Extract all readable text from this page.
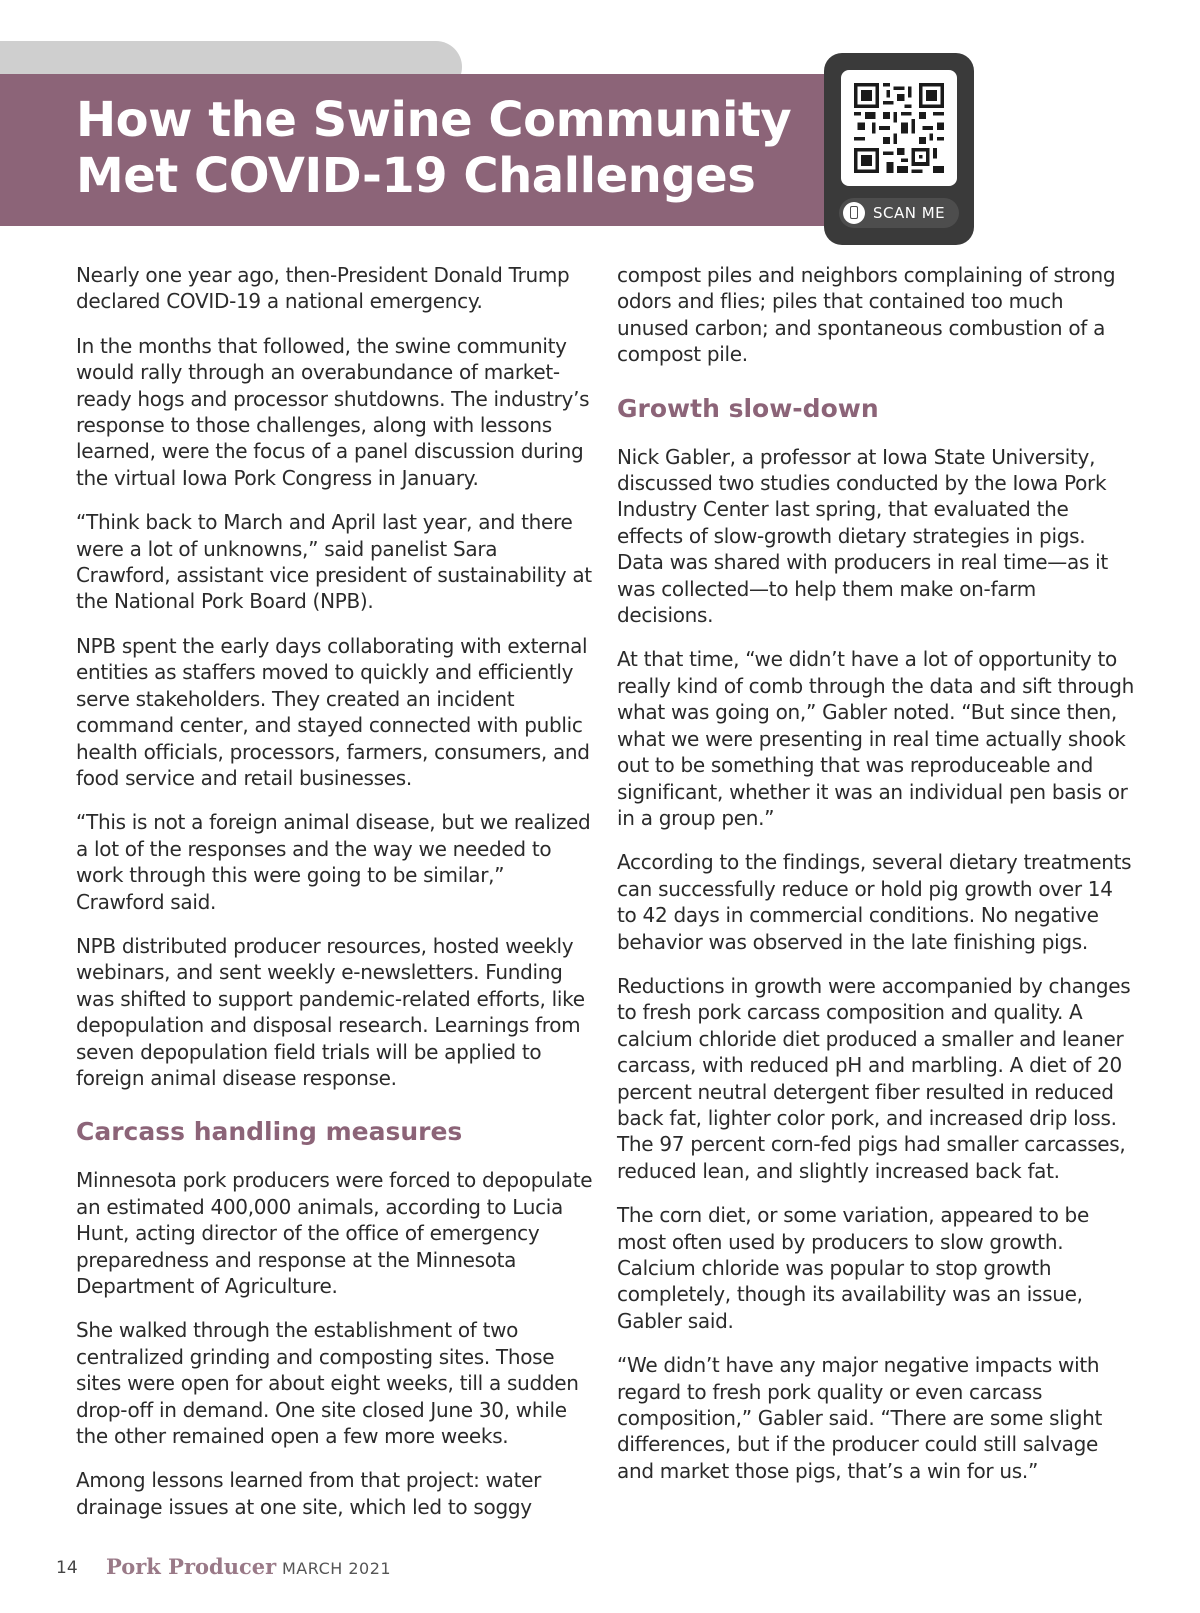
How the Swine Community Met COVID-19 Challenges
SCAN ME

Nearly one year ago, then-President Donald Trump declared COVID-19 a national emergency.

In the months that followed, the swine community would rally through an overabundance of market-ready hogs and processor shutdowns. The industry’s response to those challenges, along with lessons learned, were the focus of a panel discussion during the virtual Iowa Pork Congress in January.

“Think back to March and April last year, and there were a lot of unknowns,” said panelist Sara Crawford, assistant vice president of sustainability at the National Pork Board (NPB).

NPB spent the early days collaborating with external entities as staffers moved to quickly and efficiently serve stakeholders. They created an incident command center, and stayed connected with public health officials, processors, farmers, consumers, and food service and retail businesses.

“This is not a foreign animal disease, but we realized a lot of the responses and the way we needed to work through this were going to be similar,” Crawford said.

NPB distributed producer resources, hosted weekly webinars, and sent weekly e-newsletters. Funding was shifted to support pandemic-related efforts, like depopulation and disposal research. Learnings from seven depopulation field trials will be applied to foreign animal disease response.

Carcass handling measures

Minnesota pork producers were forced to depopulate an estimated 400,000 animals, according to Lucia Hunt, acting director of the office of emergency preparedness and response at the Minnesota Department of Agriculture.

She walked through the establishment of two centralized grinding and composting sites. Those sites were open for about eight weeks, till a sudden drop-off in demand. One site closed June 30, while the other remained open a few more weeks.

Among lessons learned from that project: water drainage issues at one site, which led to soggy

compost piles and neighbors complaining of strong odors and flies; piles that contained too much unused carbon; and spontaneous combustion of a compost pile.

Growth slow-down

Nick Gabler, a professor at Iowa State University, discussed two studies conducted by the Iowa Pork Industry Center last spring, that evaluated the effects of slow-growth dietary strategies in pigs. Data was shared with producers in real time—as it was collected—to help them make on-farm decisions.

At that time, “we didn’t have a lot of opportunity to really kind of comb through the data and sift through what was going on,” Gabler noted. “But since then, what we were presenting in real time actually shook out to be something that was reproduceable and significant, whether it was an individual pen basis or in a group pen.”

According to the findings, several dietary treatments can successfully reduce or hold pig growth over 14 to 42 days in commercial conditions. No negative behavior was observed in the late finishing pigs.

Reductions in growth were accompanied by changes to fresh pork carcass composition and quality. A calcium chloride diet produced a smaller and leaner carcass, with reduced pH and marbling. A diet of 20 percent neutral detergent fiber resulted in reduced back fat, lighter color pork, and increased drip loss. The 97 percent corn-fed pigs had smaller carcasses, reduced lean, and slightly increased back fat.

The corn diet, or some variation, appeared to be most often used by producers to slow growth. Calcium chloride was popular to stop growth completely, though its availability was an issue, Gabler said.

“We didn’t have any major negative impacts with regard to fresh pork quality or even carcass composition,” Gabler said. “There are some slight differences, but if the producer could still salvage and market those pigs, that’s a win for us.”

14 Pork Producer MARCH 2021
